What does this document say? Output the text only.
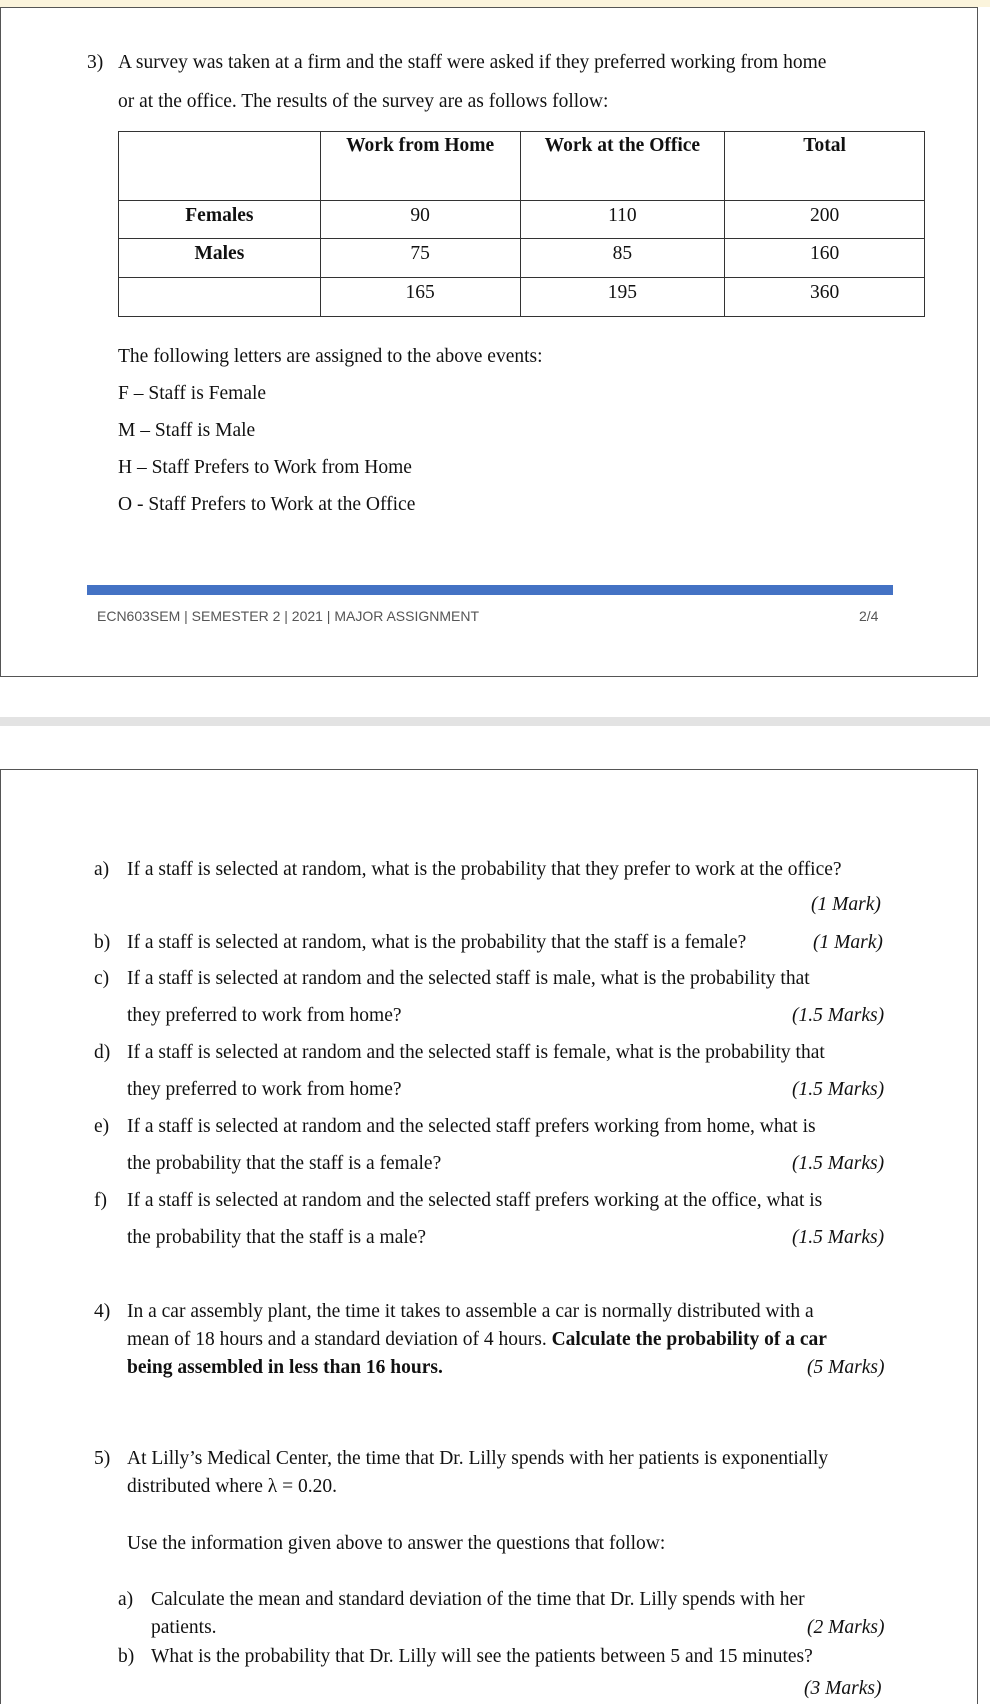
3) A survey was taken at a firm and the staff were asked if they preferred working from home
or at the office. The results of the survey are as follows follow:
	Work from Home	Work at the Office	Total
Females	90	110	200
Males	75	85	160
	165	195	360
The following letters are assigned to the above events:
F – Staff is Female
M – Staff is Male
H – Staff Prefers to Work from Home
O - Staff Prefers to Work at the Office
ECN603SEM | SEMESTER 2 | 2021 | MAJOR ASSIGNMENT	2/4
a) If a staff is selected at random, what is the probability that they prefer to work at the office?
(1 Mark)
b) If a staff is selected at random, what is the probability that the staff is a female?	(1 Mark)
c) If a staff is selected at random and the selected staff is male, what is the probability that
they preferred to work from home?	(1.5 Marks)
d) If a staff is selected at random and the selected staff is female, what is the probability that
they preferred to work from home?	(1.5 Marks)
e) If a staff is selected at random and the selected staff prefers working from home, what is
the probability that the staff is a female?	(1.5 Marks)
f) If a staff is selected at random and the selected staff prefers working at the office, what is
the probability that the staff is a male?	(1.5 Marks)
4) In a car assembly plant, the time it takes to assemble a car is normally distributed with a
mean of 18 hours and a standard deviation of 4 hours. Calculate the probability of a car
being assembled in less than 16 hours.	(5 Marks)
5) At Lilly’s Medical Center, the time that Dr. Lilly spends with her patients is exponentially
distributed where λ = 0.20.
Use the information given above to answer the questions that follow:
a) Calculate the mean and standard deviation of the time that Dr. Lilly spends with her
patients.	(2 Marks)
b) What is the probability that Dr. Lilly will see the patients between 5 and 15 minutes?
(3 Marks)
